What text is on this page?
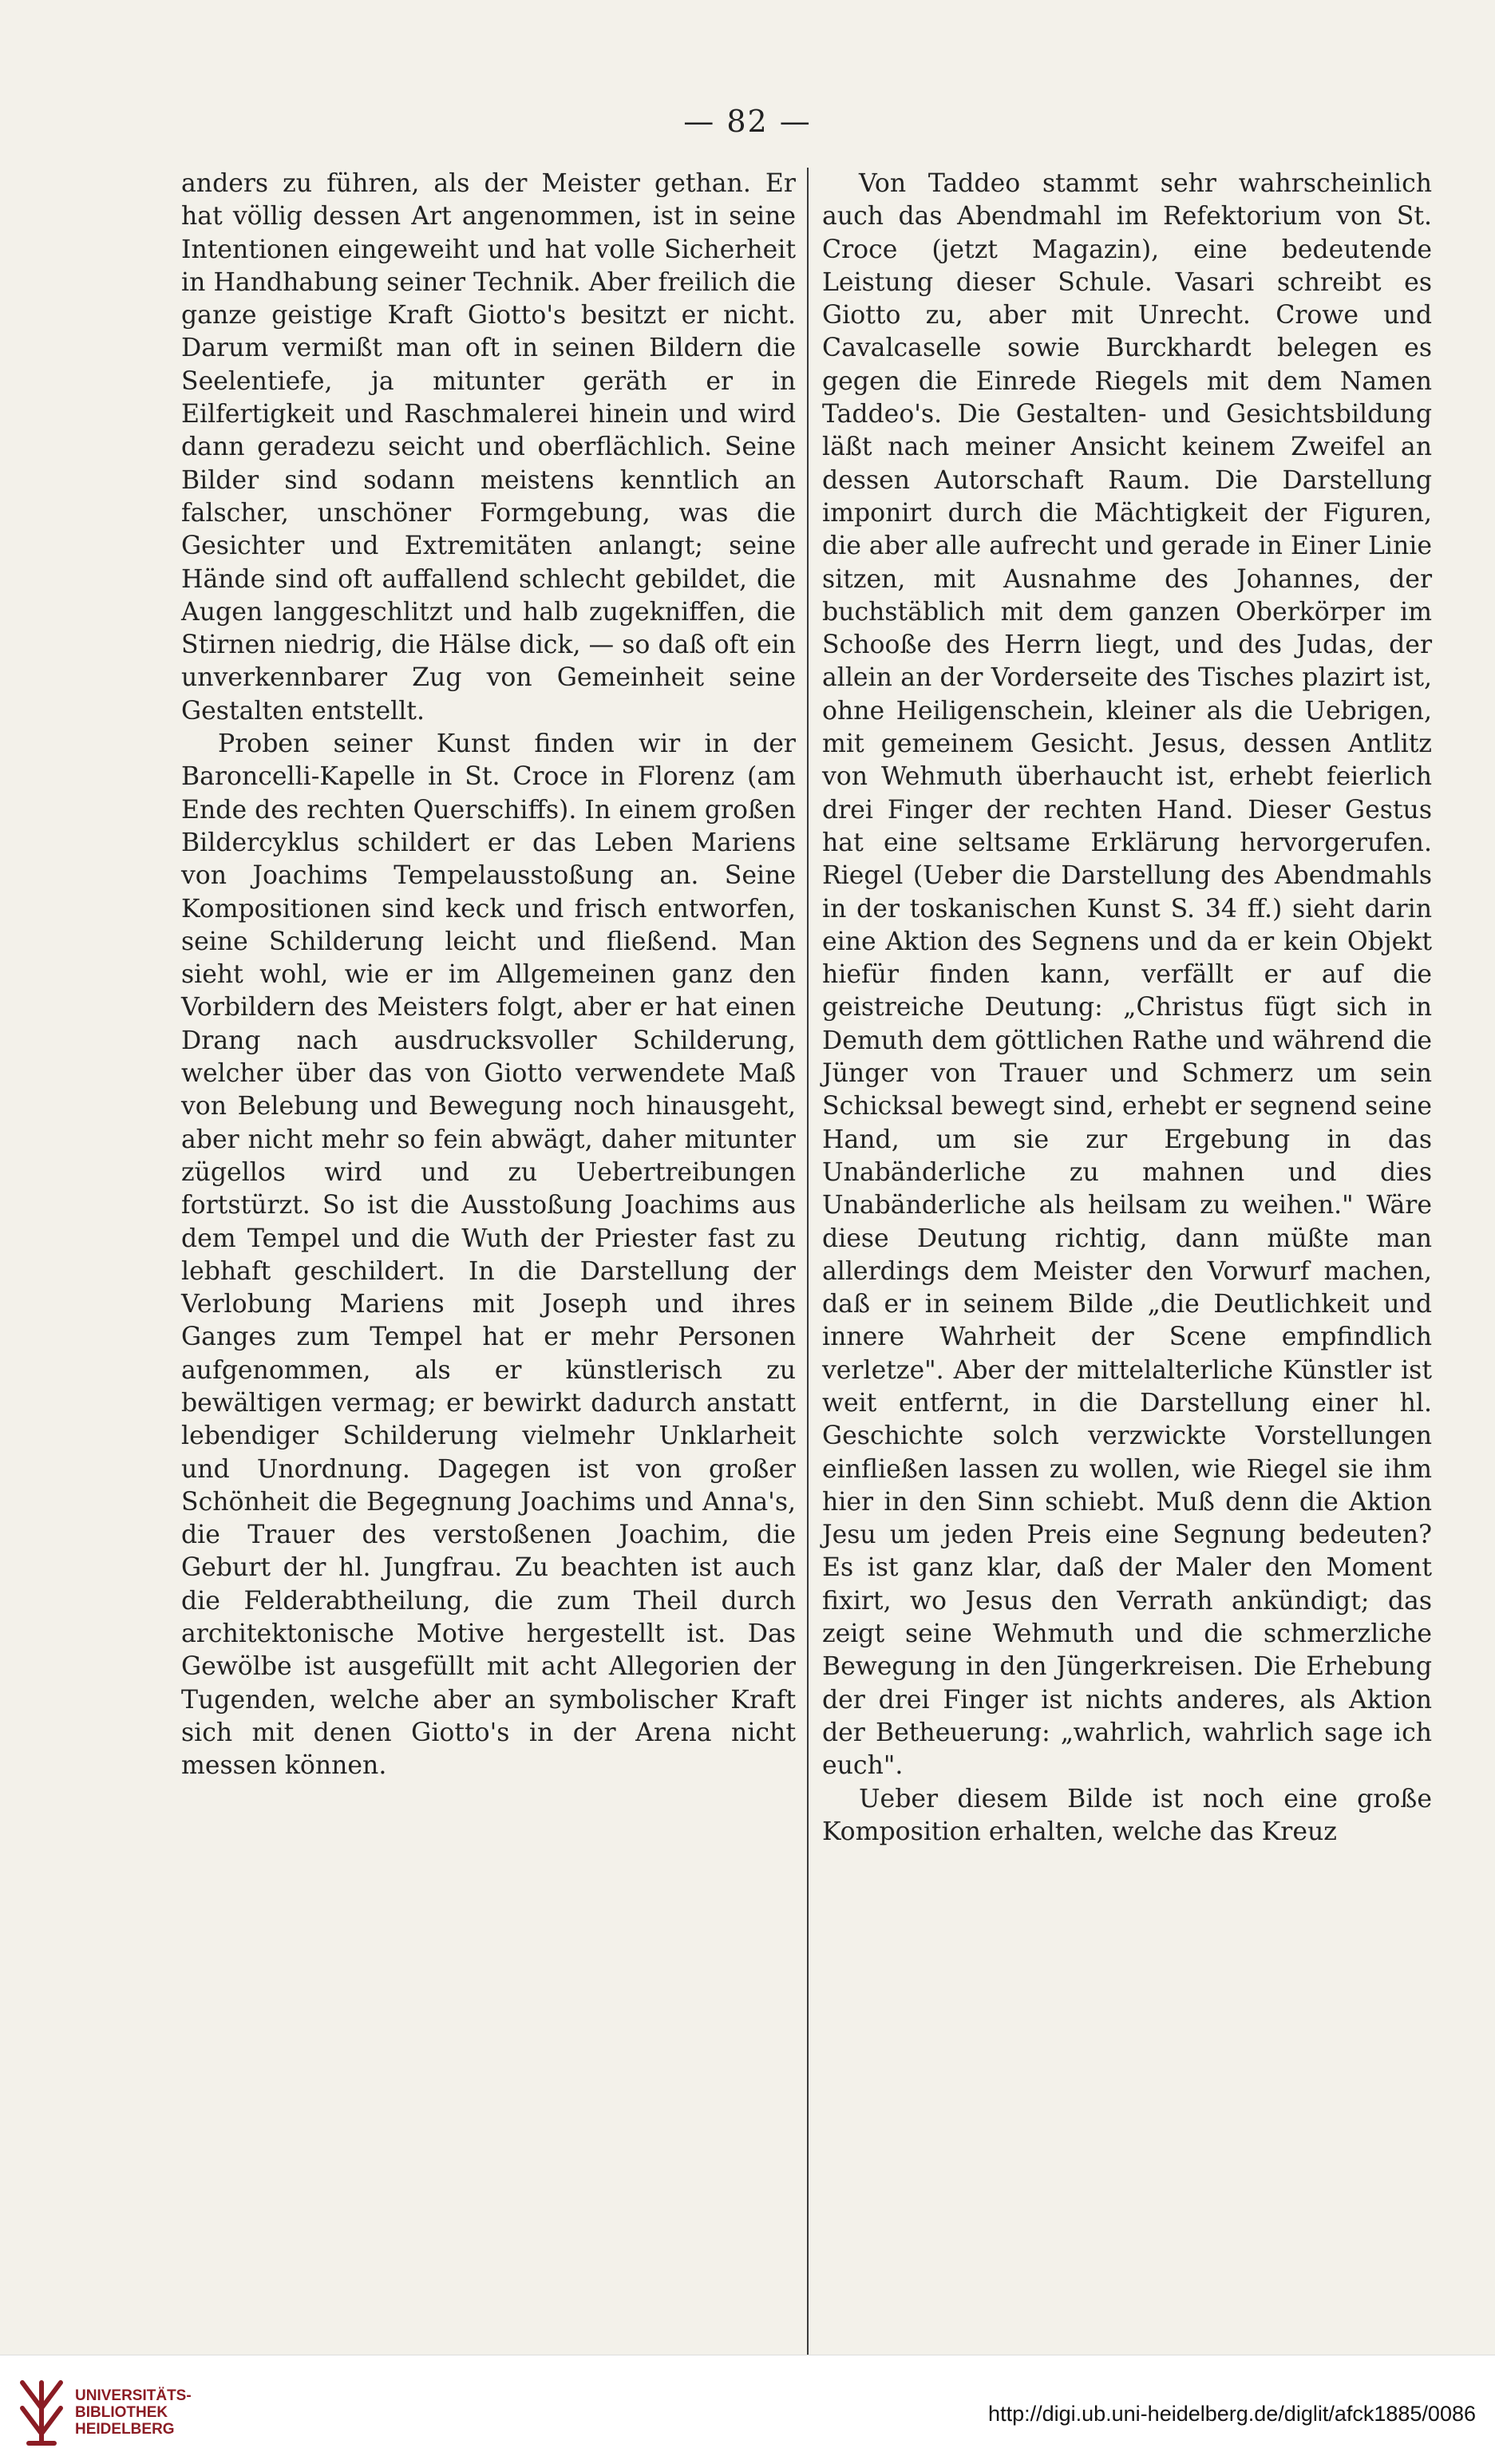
— 82 —

anders zu führen, als der Meister gethan. Er hat völlig dessen Art angenommen, ist in seine Intentionen eingeweiht und hat volle Sicherheit in Handhabung seiner Technik. Aber freilich die ganze geistige Kraft Giotto's besitzt er nicht. Darum vermißt man oft in seinen Bildern die Seelentiefe, ja mitunter geräth er in Eilfertigkeit und Raschmalerei hinein und wird dann geradezu seicht und oberflächlich. Seine Bilder sind sodann meistens kenntlich an falscher, unschöner Formgebung, was die Gesichter und Extremitäten anlangt; seine Hände sind oft auffallend schlecht gebildet, die Augen langgeschlitzt und halb zugekniffen, die Stirnen niedrig, die Hälse dick, — so daß oft ein unverkennbarer Zug von Gemeinheit seine Gestalten entstellt.

Proben seiner Kunst finden wir in der Baroncelli-Kapelle in St. Croce in Florenz (am Ende des rechten Querschiffs). In einem großen Bildercyklus schildert er das Leben Mariens von Joachims Tempelausstoßung an. Seine Kompositionen sind keck und frisch entworfen, seine Schilderung leicht und fließend. Man sieht wohl, wie er im Allgemeinen ganz den Vorbildern des Meisters folgt, aber er hat einen Drang nach ausdrucksvoller Schilderung, welcher über das von Giotto verwendete Maß von Belebung und Bewegung noch hinausgeht, aber nicht mehr so fein abwägt, daher mitunter zügellos wird und zu Uebertreibungen fortstürzt. So ist die Ausstoßung Joachims aus dem Tempel und die Wuth der Priester fast zu lebhaft geschildert. In die Darstellung der Verlobung Mariens mit Joseph und ihres Ganges zum Tempel hat er mehr Personen aufgenommen, als er künstlerisch zu bewältigen vermag; er bewirkt dadurch anstatt lebendiger Schilderung vielmehr Unklarheit und Unordnung. Dagegen ist von großer Schönheit die Begegnung Joachims und Anna's, die Trauer des verstoßenen Joachim, die Geburt der hl. Jungfrau. Zu beachten ist auch die Felderabtheilung, die zum Theil durch architektonische Motive hergestellt ist. Das Gewölbe ist ausgefüllt mit acht Allegorien der Tugenden, welche aber an symbolischer Kraft sich mit denen Giotto's in der Arena nicht messen können.

Von Taddeo stammt sehr wahrscheinlich auch das Abendmahl im Refektorium von St. Croce (jetzt Magazin), eine bedeutende Leistung dieser Schule. Vasari schreibt es Giotto zu, aber mit Unrecht. Crowe und Cavalcaselle sowie Burckhardt belegen es gegen die Einrede Riegels mit dem Namen Taddeo's. Die Gestalten- und Gesichtsbildung läßt nach meiner Ansicht keinem Zweifel an dessen Autorschaft Raum. Die Darstellung imponirt durch die Mächtigkeit der Figuren, die aber alle aufrecht und gerade in Einer Linie sitzen, mit Ausnahme des Johannes, der buchstäblich mit dem ganzen Oberkörper im Schooße des Herrn liegt, und des Judas, der allein an der Vorderseite des Tisches plazirt ist, ohne Heiligenschein, kleiner als die Uebrigen, mit gemeinem Gesicht. Jesus, dessen Antlitz von Wehmuth überhaucht ist, erhebt feierlich drei Finger der rechten Hand. Dieser Gestus hat eine seltsame Erklärung hervorgerufen. Riegel (Ueber die Darstellung des Abendmahls in der toskanischen Kunst S. 34 ff.) sieht darin eine Aktion des Segnens und da er kein Objekt hiefür finden kann, verfällt er auf die geistreiche Deutung: „Christus fügt sich in Demuth dem göttlichen Rathe und während die Jünger von Trauer und Schmerz um sein Schicksal bewegt sind, erhebt er segnend seine Hand, um sie zur Ergebung in das Unabänderliche zu mahnen und dies Unabänderliche als heilsam zu weihen." Wäre diese Deutung richtig, dann müßte man allerdings dem Meister den Vorwurf machen, daß er in seinem Bilde „die Deutlichkeit und innere Wahrheit der Scene empfindlich verletze". Aber der mittelalterliche Künstler ist weit entfernt, in die Darstellung einer hl. Geschichte solch verzwickte Vorstellungen einfließen lassen zu wollen, wie Riegel sie ihm hier in den Sinn schiebt. Muß denn die Aktion Jesu um jeden Preis eine Segnung bedeuten? Es ist ganz klar, daß der Maler den Moment fixirt, wo Jesus den Verrath ankündigt; das zeigt seine Wehmuth und die schmerzliche Bewegung in den Jüngerkreisen. Die Erhebung der drei Finger ist nichts anderes, als Aktion der Betheuerung: „wahrlich, wahrlich sage ich euch".

Ueber diesem Bilde ist noch eine große Komposition erhalten, welche das Kreuz

UNIVERSITÄTS-
BIBLIOTHEK
HEIDELBERG
http://digi.ub.uni-heidelberg.de/diglit/afck1885/0086
